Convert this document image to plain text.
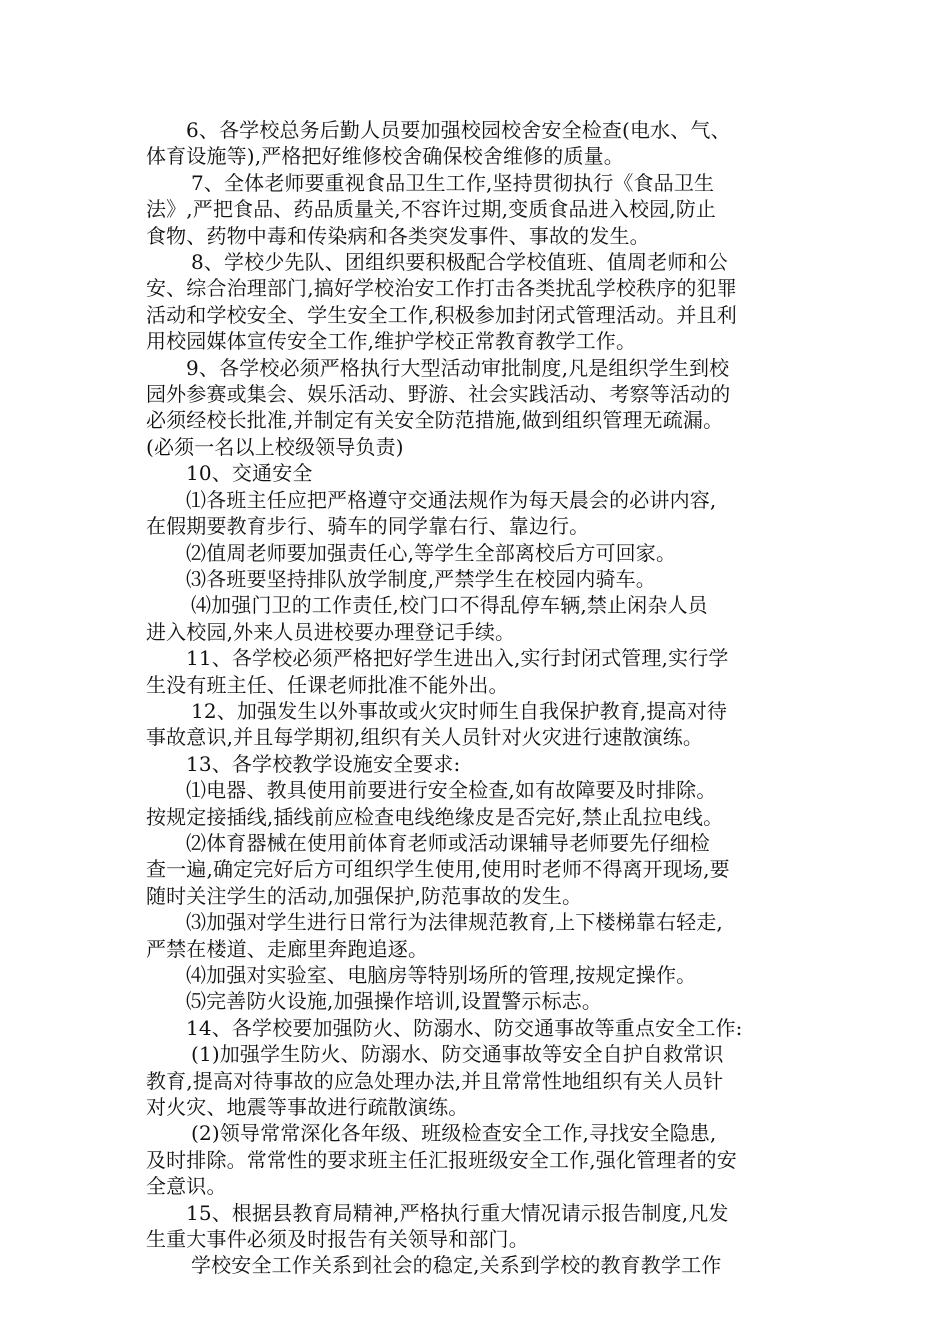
6、各学校总务后勤人员要加强校园校舍安全检查(电水、气、
体育设施等),严格把好维修校舍确保校舍维修的质量。
7、全体老师要重视食品卫生工作,坚持贯彻执行《食品卫生
法》,严把食品、药品质量关,不容许过期,变质食品进入校园,防止
食物、药物中毒和传染病和各类突发事件、事故的发生。
8、学校少先队、团组织要积极配合学校值班、值周老师和公
安、综合治理部门,搞好学校治安工作打击各类扰乱学校秩序的犯罪
活动和学校安全、学生安全工作,积极参加封闭式管理活动。并且利
用校园媒体宣传安全工作,维护学校正常教育教学工作。
9、各学校必须严格执行大型活动审批制度,凡是组织学生到校
园外参赛或集会、娱乐活动、野游、社会实践活动、考察等活动的
必须经校长批准,并制定有关安全防范措施,做到组织管理无疏漏。
(必须一名以上校级领导负责)
10、交通安全
⑴各班主任应把严格遵守交通法规作为每天晨会的必讲内容,
在假期要教育步行、骑车的同学靠右行、靠边行。
⑵值周老师要加强责任心,等学生全部离校后方可回家。
⑶各班要坚持排队放学制度,严禁学生在校园内骑车。
⑷加强门卫的工作责任,校门口不得乱停车辆,禁止闲杂人员
进入校园,外来人员进校要办理登记手续。
11、各学校必须严格把好学生进出入,实行封闭式管理,实行学
生没有班主任、任课老师批准不能外出。
12、加强发生以外事故或火灾时师生自我保护教育,提高对待
事故意识,并且每学期初,组织有关人员针对火灾进行速散演练。
13、各学校教学设施安全要求:
⑴电器、教具使用前要进行安全检查,如有故障要及时排除。
按规定接插线,插线前应检查电线绝缘皮是否完好,禁止乱拉电线。
⑵体育器械在使用前体育老师或活动课辅导老师要先仔细检
查一遍,确定完好后方可组织学生使用,使用时老师不得离开现场,要
随时关注学生的活动,加强保护,防范事故的发生。
⑶加强对学生进行日常行为法律规范教育,上下楼梯靠右轻走,
严禁在楼道、走廊里奔跑追逐。
⑷加强对实验室、电脑房等特别场所的管理,按规定操作。
⑸完善防火设施,加强操作培训,设置警示标志。
14、各学校要加强防火、防溺水、防交通事故等重点安全工作:
(1)加强学生防火、防溺水、防交通事故等安全自护自救常识
教育,提高对待事故的应急处理办法,并且常常性地组织有关人员针
对火灾、地震等事故进行疏散演练。
(2)领导常常深化各年级、班级检查安全工作,寻找安全隐患,
及时排除。常常性的要求班主任汇报班级安全工作,强化管理者的安
全意识。
15、根据县教育局精神,严格执行重大情况请示报告制度,凡发
生重大事件必须及时报告有关领导和部门。
学校安全工作关系到社会的稳定,关系到学校的教育教学工作
